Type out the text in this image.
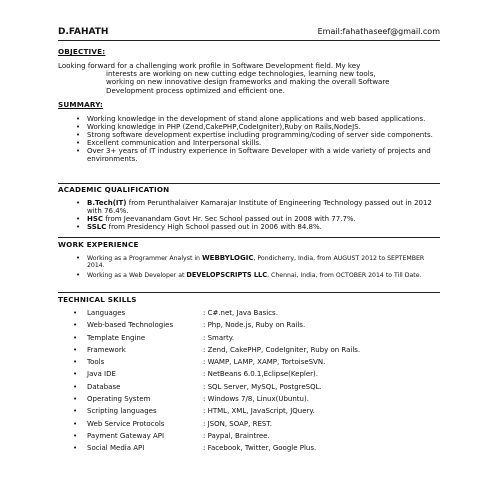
D.FAHATH	Email:fahathaseef@gmail.com
OBJECTIVE:
Looking forward for a challenging work profile in Software Development field. My key
interests are working on new cutting edge technologies, learning new tools,
working on new innovative design frameworks and making the overall Software
Development process optimized and efficient one.
SUMMARY:
• Working knowledge in the development of stand alone applications and web based applications.
• Working knowledge in PHP (Zend,CakePHP,CodeIgniter),Ruby on Rails,NodeJS.
• Strong software development expertise including programming/coding of server side components.
• Excellent communication and Interpersonal skills.
• Over 3+ years of IT industry experience in Software Developer with a wide variety of projects and environments.
ACADEMIC QUALIFICATION
• B.Tech(IT) from Perunthalaiver Kamarajar Institute of Engineering Technology passed out in 2012 with 76.4%.
• HSC from Jeevanandam Govt Hr. Sec School passed out in 2008 with 77.7%.
• SSLC from Presidency High School passed out in 2006 with 84.8%.
WORK EXPERIENCE
• Working as a Programmer Analyst in WEBBYLOGIC, Pondicherry, India, from AUGUST 2012 to SEPTEMBER 2014.
• Working as a Web Developer at DEVELOPSCRIPTS LLC, Chennai, India, from OCTOBER 2014 to Till Date.
TECHNICAL SKILLS
• Languages	: C#.net, Java Basics.
• Web-based Technologies	: Php, Node.js, Ruby on Rails.
• Template Engine	: Smarty.
• Framework	: Zend, CakePHP, CodeIgniter, Ruby on Rails.
• Tools	: WAMP, LAMP, XAMP, TortoiseSVN.
• Java IDE	: NetBeans 6.0.1,Eclipse(Kepler).
• Database	: SQL Server, MySQL, PostgreSQL.
• Operating System	: Windows 7/8, Linux(Ubuntu).
• Scripting languages	: HTML, XML, JavaScript, JQuery.
• Web Service Protocols	: JSON, SOAP, REST.
• Payment Gateway API	: Paypal, Braintree.
• Social Media API	: Facebook, Twitter, Google Plus.
